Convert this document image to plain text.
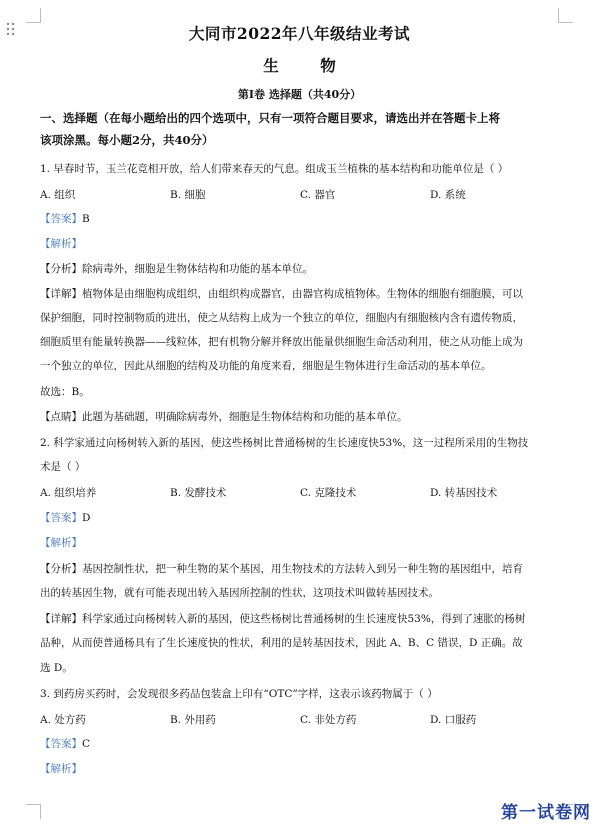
大同市2022年八年级结业考试
生 物
第Ⅰ卷 选择题（共40分）
一、选择题（在每小题给出的四个选项中，只有一项符合题目要求，请选出并在答题卡上将
该项涂黑。每小题2分，共40分）
1. 早春时节，玉兰花竞相开放，给人们带来春天的气息。组成玉兰植株的基本结构和功能单位是（ ）
A. 组织	B. 细胞	C. 器官	D. 系统
【答案】B
【解析】
【分析】除病毒外，细胞是生物体结构和功能的基本单位。
【详解】植物体是由细胞构成组织，由组织构成器官，由器官构成植物体。生物体的细胞有细胞膜，可以
保护细胞，同时控制物质的进出，使之从结构上成为一个独立的单位，细胞内有细胞核内含有遗传物质，
细胞质里有能量转换器——线粒体，把有机物分解并释放出能量供细胞生命活动利用，使之从功能上成为
一个独立的单位，因此从细胞的结构及功能的角度来看，细胞是生物体进行生命活动的基本单位。
故选：B。
【点睛】此题为基础题，明确除病毒外，细胞是生物体结构和功能的基本单位。
2. 科学家通过向杨树转入新的基因，使这些杨树比普通杨树的生长速度快53%，这一过程所采用的生物技
术是（ ）
A. 组织培养	B. 发酵技术	C. 克隆技术	D. 转基因技术
【答案】D
【解析】
【分析】基因控制性状，把一种生物的某个基因，用生物技术的方法转入到另一种生物的基因组中，培育
出的转基因生物，就有可能表现出转入基因所控制的性状，这项技术叫做转基因技术。
【详解】科学家通过向杨树转入新的基因，使这些杨树比普通杨树的生长速度快53%，得到了速胀的杨树
品种，从而使普通杨具有了生长速度快的性状，利用的是转基因技术，因此 A、B、C 错误，D 正确。故
选 D。
3. 到药房买药时，会发现很多药品包装盒上印有“OTC”字样，这表示该药物属于（ ）
A. 处方药	B. 外用药	C. 非处方药	D. 口服药
【答案】C
【解析】
第一试卷网
